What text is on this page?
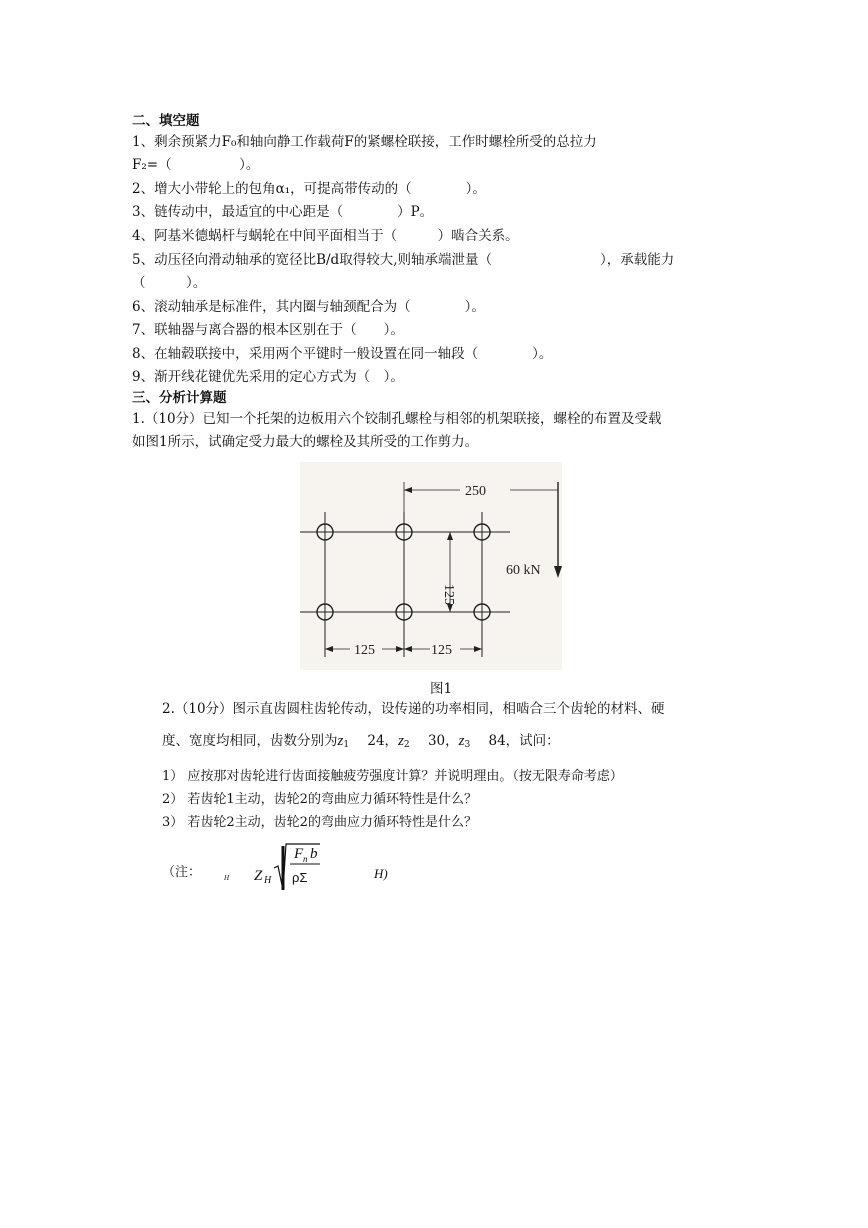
二、填空题
1、剩余预紧力F₀和轴向静工作载荷F的紧螺栓联接，工作时螺栓所受的总拉力
F₂=（　　　　　）。
2、增大小带轮上的包角α₁，可提高带传动的（　　　　）。
3、链传动中，最适宜的中心距是（　　　　）P。
4、阿基米德蜗杆与蜗轮在中间平面相当于（　　　）啮合关系。
5、动压径向滑动轴承的宽径比B/d取得较大,则轴承端泄量（　　　　　　　　），承载能力
（　　　）。
6、滚动轴承是标准件，其内圈与轴颈配合为（　　　　）。
7、联轴器与离合器的根本区别在于（　　）。
8、在轴毂联接中，采用两个平键时一般设置在同一轴段（　　　　）。
9、渐开线花键优先采用的定心方式为（　）。
三、分析计算题
1.（10分）已知一个托架的边板用六个铰制孔螺栓与相邻的机架联接，螺栓的布置及受载
如图1所示，试确定受力最大的螺栓及其所受的工作剪力。
250
60 kN
125
125	125
图1
2.（10分）图示直齿圆柱齿轮传动，设传递的功率相同，相啮合三个齿轮的材料、硬
度、宽度均相同，齿数分别为$z_1$ 24，$z_2$ 30，$z_3$ 84，试问：
1） 应按那对齿轮进行齿面接触疲劳强度计算？并说明理由。（按无限寿命考虑）
2） 若齿轮1主动，齿轮2的弯曲应力循环特性是什么？
3） 若齿轮2主动，齿轮2的弯曲应力循环特性是什么？
（注：	H Z H
F n b
ρΣ	H)
